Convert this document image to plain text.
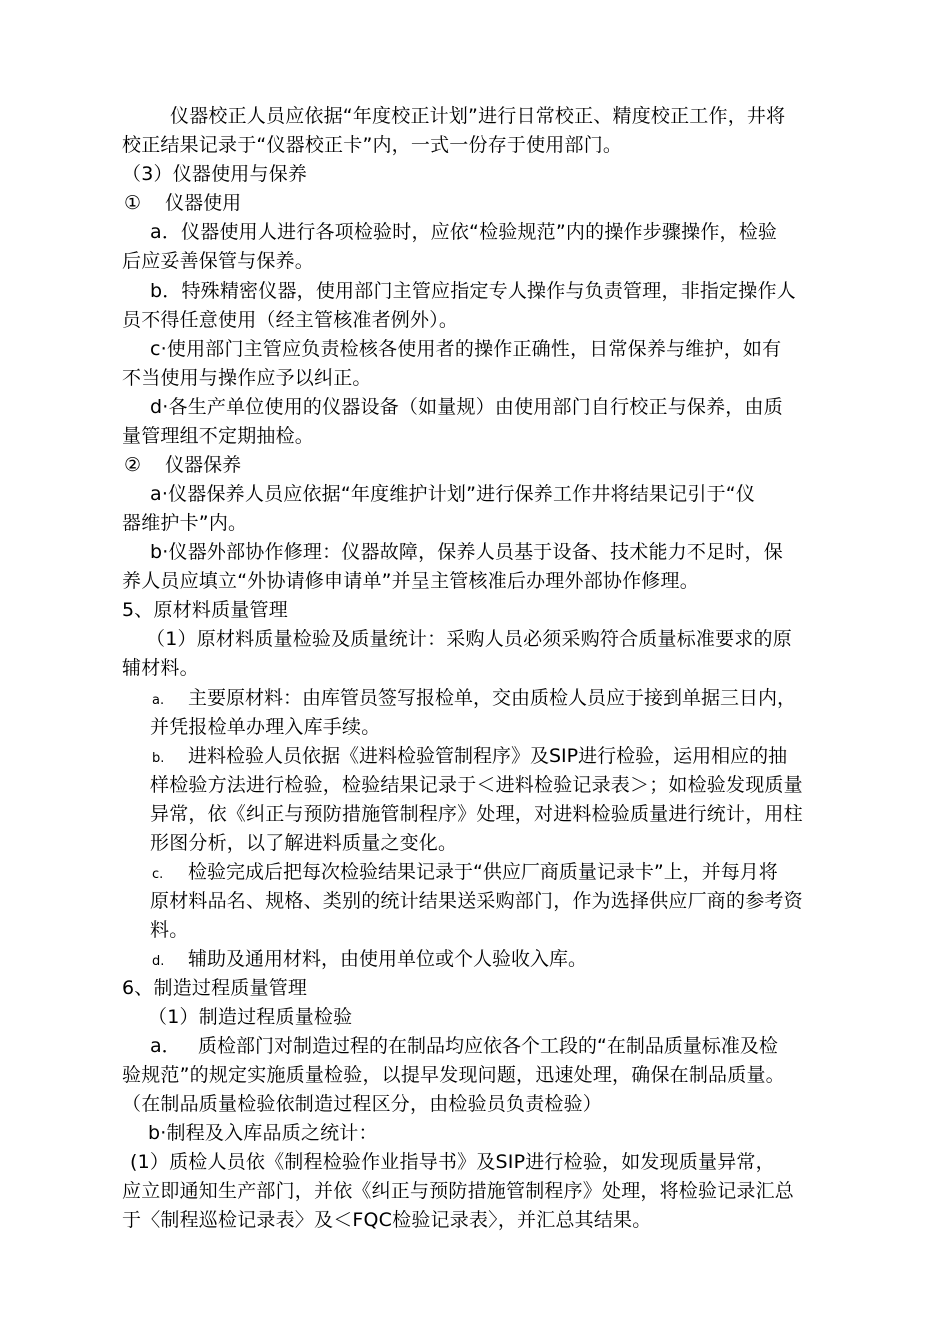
仪器校正人员应依据“年度校正计划”进行日常校正、精度校正工作，井将
校正结果记录于“仪器校正卡”内，一式一份存于使用部门。
（3）仪器使用与保养
① 仪器使用
a．仪器使用人进行各项检验时，应依“检验规范”内的操作步骤操作，检验
后应妥善保管与保养。
b．特殊精密仪器，使用部门主管应指定专人操作与负责管理，非指定操作人
员不得任意使用（经主管核准者例外）。
c·使用部门主管应负责检核各使用者的操作正确性，日常保养与维护，如有
不当使用与操作应予以纠正。
d·各生产单位使用的仪器设备（如量规）由使用部门自行校正与保养，由质
量管理组不定期抽检。
② 仪器保养
a·仪器保养人员应依据“年度维护计划”进行保养工作井将结果记引于“仪
器维护卡”内。
b·仪器外部协作修理：仪器故障，保养人员基于设备、技术能力不足时，保
养人员应填立“外协请修申请单”并呈主管核准后办理外部协作修理。
5、原材料质量管理
（1）原材料质量检验及质量统计：采购人员必须采购符合质量标准要求的原
辅材料。
a. 主要原材料：由库管员签写报检单，交由质检人员应于接到单据三日内，
并凭报检单办理入库手续。
b. 进料检验人员依据《进料检验管制程序》及SIP进行检验，运用相应的抽
样检验方法进行检验，检验结果记录于＜进料检验记录表＞；如检验发现质量
异常，依《纠正与预防措施管制程序》处理，对进料检验质量进行统计，用柱
形图分析，以了解进料质量之变化。
c. 检验完成后把每次检验结果记录于“供应厂商质量记录卡”上，并每月将
原材料品名、规格、类别的统计结果送采购部门，作为选择供应厂商的参考资
料。
d. 辅助及通用材料，由使用单位或个人验收入库。
6、制造过程质量管理
（1）制造过程质量检验
a． 质检部门对制造过程的在制品均应依各个工段的“在制品质量标准及检
验规范”的规定实施质量检验，以提早发现问题，迅速处理，确保在制品质量。
（在制品质量检验依制造过程区分，由检验员负责检验）
b·制程及入库品质之统计：
(1）质检人员依《制程检验作业指导书》及SIP进行检验，如发现质量异常，
应立即通知生产部门，并依《纠正与预防措施管制程序》处理，将检验记录汇总
于〈制程巡检记录表〉及＜FQC检验记录表〉，并汇总其结果。
